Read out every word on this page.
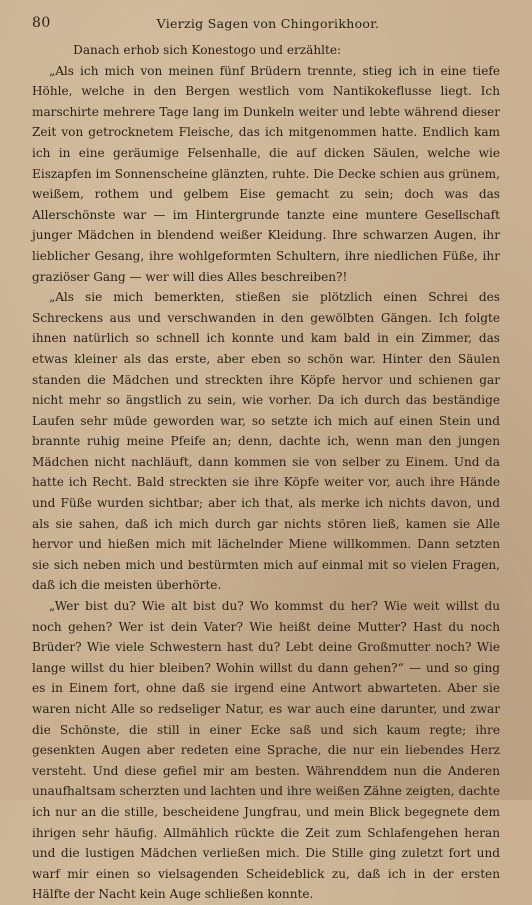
80	Vierzig Sagen von Chingorikhoor.

Danach erhob sich Konestogo und erzählte:

„Als ich mich von meinen fünf Brüdern trennte, stieg ich in eine tiefe Höhle, welche in den Bergen westlich vom Nantikokeflusse liegt. Ich marschirte mehrere Tage lang im Dunkeln weiter und lebte während dieser Zeit von getrocknetem Fleische, das ich mitgenommen hatte. Endlich kam ich in eine geräumige Felsenhalle, die auf dicken Säulen, welche wie Eiszapfen im Sonnenscheine glänzten, ruhte. Die Decke schien aus grünem, weißem, rothem und gelbem Eise gemacht zu sein; doch was das Allerschönste war — im Hintergrunde tanzte eine muntere Gesellschaft junger Mädchen in blendend weißer Kleidung. Ihre schwarzen Augen, ihr lieblicher Gesang, ihre wohlgeformten Schultern, ihre niedlichen Füße, ihr graziöser Gang — wer will dies Alles beschreiben?!

„Als sie mich bemerkten, stießen sie plötzlich einen Schrei des Schreckens aus und verschwanden in den gewölbten Gängen. Ich folgte ihnen natürlich so schnell ich konnte und kam bald in ein Zimmer, das etwas kleiner als das erste, aber eben so schön war. Hinter den Säulen standen die Mädchen und streckten ihre Köpfe hervor und schienen gar nicht mehr so ängstlich zu sein, wie vorher. Da ich durch das beständige Laufen sehr müde geworden war, so setzte ich mich auf einen Stein und brannte ruhig meine Pfeife an; denn, dachte ich, wenn man den jungen Mädchen nicht nachläuft, dann kommen sie von selber zu Einem. Und da hatte ich Recht. Bald streckten sie ihre Köpfe weiter vor, auch ihre Hände und Füße wurden sichtbar; aber ich that, als merke ich nichts davon, und als sie sahen, daß ich mich durch gar nichts stören ließ, kamen sie Alle hervor und hießen mich mit lächelnder Miene willkommen. Dann setzten sie sich neben mich und bestürmten mich auf einmal mit so vielen Fragen, daß ich die meisten überhörte.

„Wer bist du? Wie alt bist du? Wo kommst du her? Wie weit willst du noch gehen? Wer ist dein Vater? Wie heißt deine Mutter? Hast du noch Brüder? Wie viele Schwestern hast du? Lebt deine Großmutter noch? Wie lange willst du hier bleiben? Wohin willst du dann gehen?“ — und so ging es in Einem fort, ohne daß sie irgend eine Antwort abwarteten. Aber sie waren nicht Alle so redseliger Natur, es war auch eine darunter, und zwar die Schönste, die still in einer Ecke saß und sich kaum regte; ihre gesenkten Augen aber redeten eine Sprache, die nur ein liebendes Herz versteht. Und diese gefiel mir am besten. Währenddem nun die Anderen unaufhaltsam scherzten und lachten und ihre weißen Zähne zeigten, dachte ich nur an die stille, bescheidene Jungfrau, und mein Blick begegnete dem ihrigen sehr häufig. Allmählich rückte die Zeit zum Schlafengehen heran und die lustigen Mädchen verließen mich. Die Stille ging zuletzt fort und warf mir einen so vielsagenden Scheideblick zu, daß ich in der ersten Hälfte der Nacht kein Auge schließen konnte.
